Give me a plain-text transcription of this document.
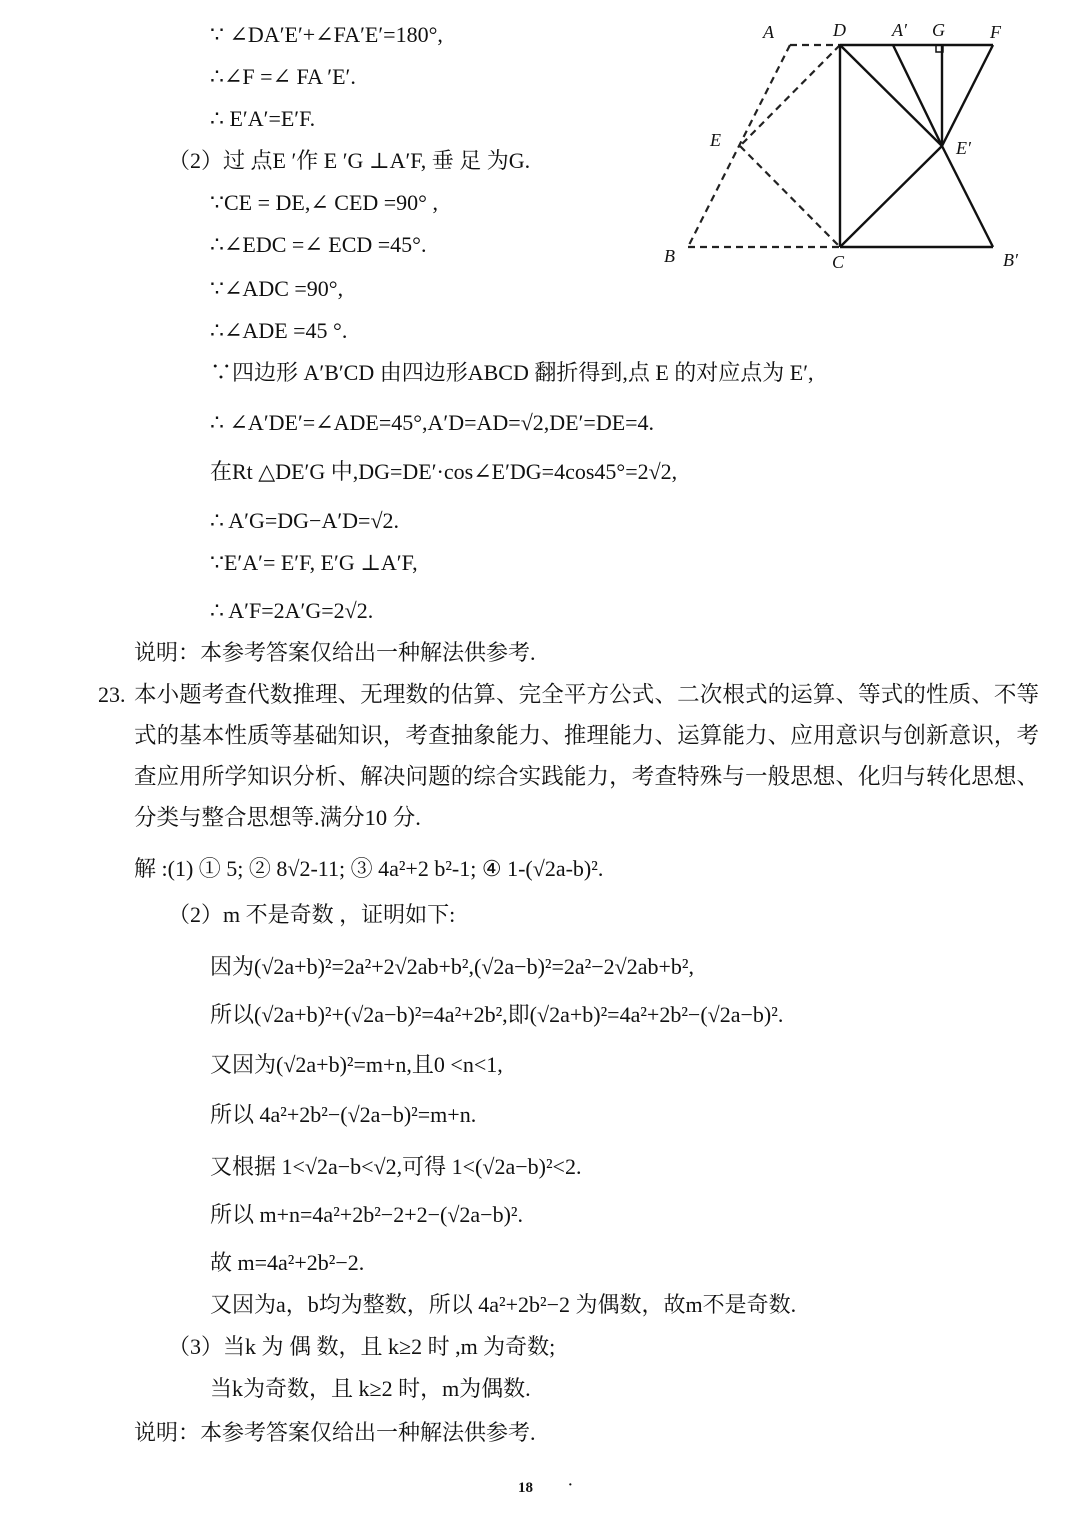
A	D	A′ G	F
E	E′
B	C	B′
∵ ∠DA′E′+∠FA′E′=180°,
∴∠F =∠ FA ′E′.
∴ E′A′=E′F.
（2）过 点E ′作 E ′G ⊥A′F, 垂 足 为G.
∵CE = DE,∠ CED =90° ,
∴∠EDC =∠ ECD =45°.
∵∠ADC =90°,
∴∠ADE =45 °.
∵四边形 A′B′CD 由四边形ABCD 翻折得到,点 E 的对应点为 E′,
∴ ∠A′DE′=∠ADE=45°,A′D=AD=√2,DE′=DE=4.
在Rt △DE′G 中,DG=DE′·cos∠E′DG=4cos45°=2√2,
∴ A′G=DG−A′D=√2.
∵E′A′= E′F, E′G ⊥A′F,
∴ A′F=2A′G=2√2.
说明：本参考答案仅给出一种解法供参考.
23. 本小题考查代数推理、无理数的估算、完全平方公式、二次根式的运算、等式的性质、不等式的基本性质等基础知识，考查抽象能力、推理能力、运算能力、应用意识与创新意识，考查应用所学知识分析、解决问题的综合实践能力，考查特殊与一般思想、化归与转化思想、分类与整合思想等.满分10 分.
解 :(1) ① 5; ② 8√2-11; ③ 4a²+2 b²-1; ④ 1-(√2a-b)².
（2）m 不是奇数 ，证明如下:
因为(√2a+b)²=2a²+2√2ab+b²,(√2a−b)²=2a²−2√2ab+b²,
所以(√2a+b)²+(√2a−b)²=4a²+2b²,即(√2a+b)²=4a²+2b²−(√2a−b)².
又因为(√2a+b)²=m+n,且0 <n<1,
所以 4a²+2b²−(√2a−b)²=m+n.
又根据 1<√2a−b<√2,可得 1<(√2a−b)²<2.
所以 m+n=4a²+2b²−2+2−(√2a−b)².
故 m=4a²+2b²−2.
又因为a，b均为整数，所以 4a²+2b²−2 为偶数，故m不是奇数.
（3）当k 为 偶 数，且 k≥2 时 ,m 为奇数;
当k为奇数，且 k≥2 时，m为偶数.
说明：本参考答案仅给出一种解法供参考.
18	·
